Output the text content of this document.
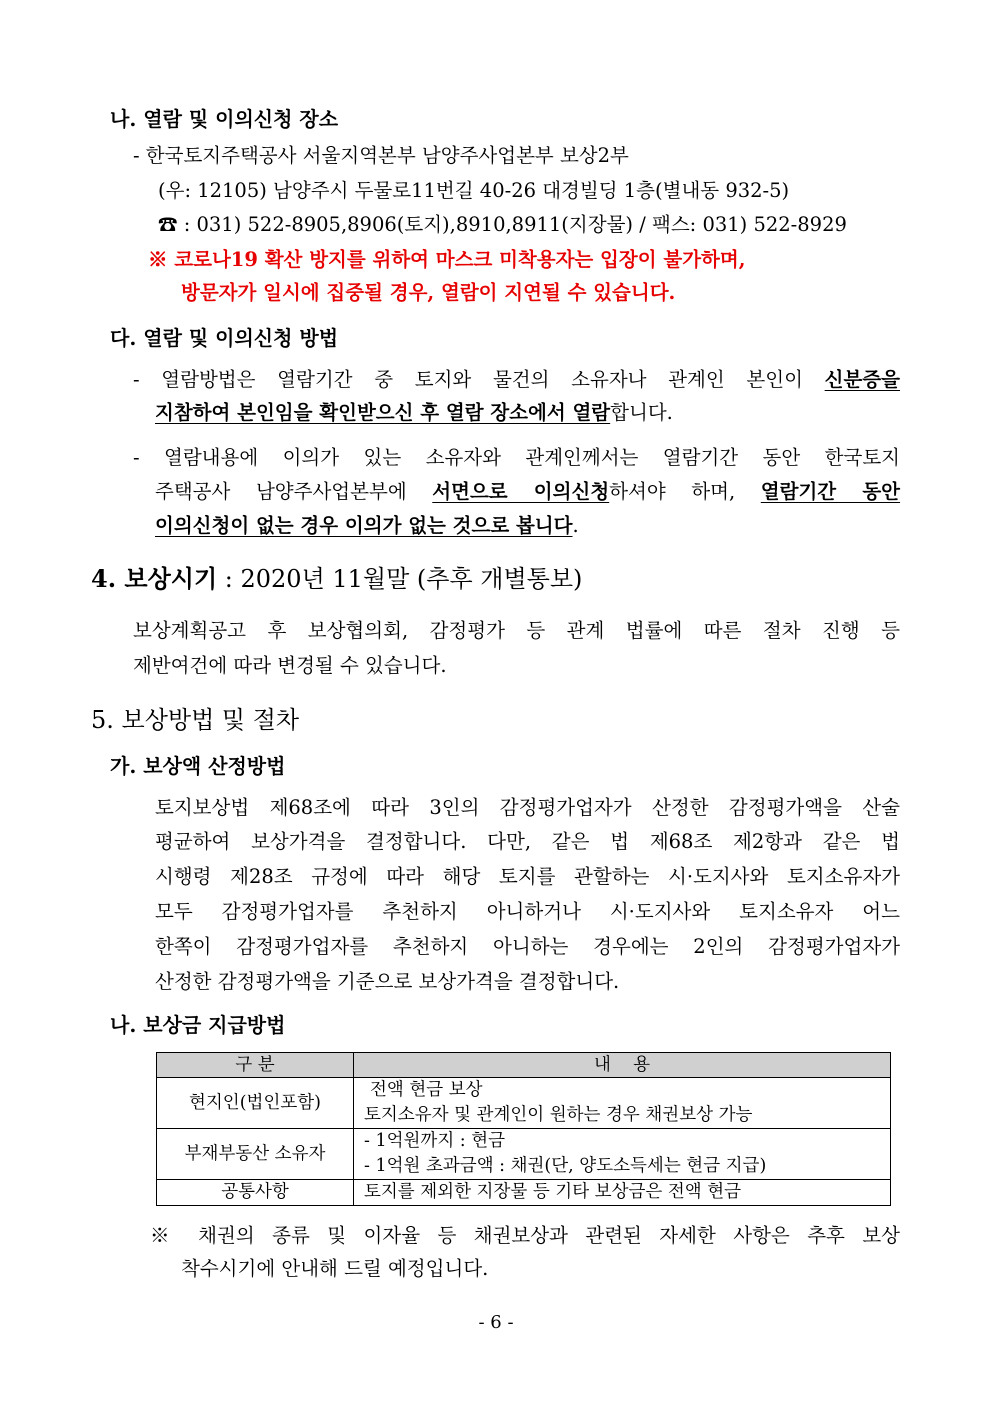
나. 열람 및 이의신청 장소
- 한국토지주택공사 서울지역본부 남양주사업본부 보상2부
(우: 12105) 남양주시 두물로11번길 40-26 대경빌딩 1층(별내동 932-5)
☎ : 031) 522-8905,8906(토지),8910,8911(지장물) / 팩스: 031) 522-8929
※ 코로나19 확산 방지를 위하여 마스크 미착용자는 입장이 불가하며,
방문자가 일시에 집중될 경우, 열람이 지연될 수 있습니다.
다. 열람 및 이의신청 방법
- 열람방법은 열람기간 중 토지와 물건의 소유자나 관계인 본인이 신분증을
지참하여 본인임을 확인받으신 후 열람 장소에서 열람합니다.
- 열람내용에 이의가 있는 소유자와 관계인께서는 열람기간 동안 한국토지
주택공사 남양주사업본부에 서면으로 이의신청하셔야 하며, 열람기간 동안
이의신청이 없는 경우 이의가 없는 것으로 봅니다.
4. 보상시기 : 2020년 11월말 (추후 개별통보)
보상계획공고 후 보상협의회, 감정평가 등 관계 법률에 따른 절차 진행 등
제반여건에 따라 변경될 수 있습니다.
5. 보상방법 및 절차
가. 보상액 산정방법
토지보상법 제68조에 따라 3인의 감정평가업자가 산정한 감정평가액을 산술
평균하여 보상가격을 결정합니다. 다만, 같은 법 제68조 제2항과 같은 법
시행령 제28조 규정에 따라 해당 토지를 관할하는 시·도지사와 토지소유자가
모두 감정평가업자를 추천하지 아니하거나 시·도지사와 토지소유자 어느
한쪽이 감정평가업자를 추천하지 아니하는 경우에는 2인의 감정평가업자가
산정한 감정평가액을 기준으로 보상가격을 결정합니다.
나. 보상금 지급방법
구 분	내    용
현지인(법인포함)	전액 현금 보상
토지소유자 및 관계인이 원하는 경우 채권보상 가능

부재부동산 소유자	- 1억원까지 : 현금
- 1억원 초과금액 : 채권(단, 양도소득세는 현금 지급)

공통사항	토지를 제외한 지장물 등 기타 보상금은 전액 현금
※ 채권의 종류 및 이자율 등 채권보상과 관련된 자세한 사항은 추후 보상
착수시기에 안내해 드릴 예정입니다.
- 6 -
